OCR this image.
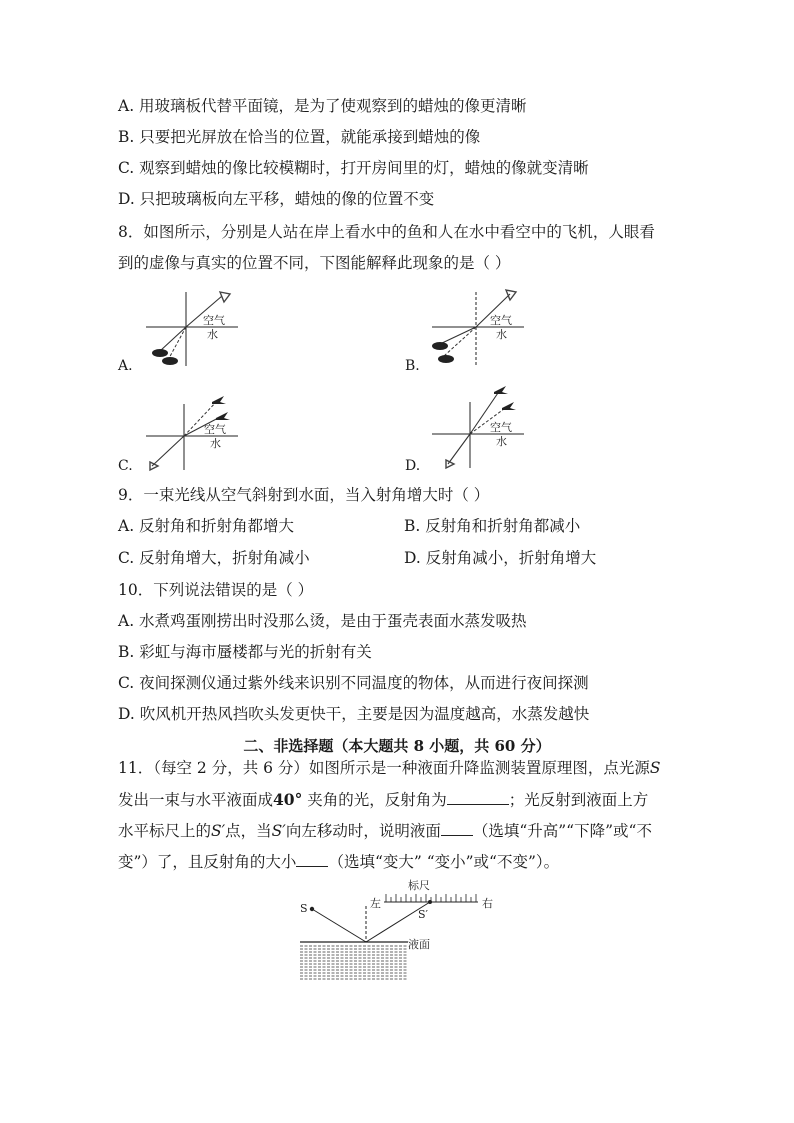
A. 用玻璃板代替平面镜，是为了使观察到的蜡烛的像更清晰
B. 只要把光屏放在恰当的位置，就能承接到蜡烛的像
C. 观察到蜡烛的像比较模糊时，打开房间里的灯，蜡烛的像就变清晰
D. 只把玻璃板向左平移，蜡烛的像的位置不变
8．如图所示，分别是人站在岸上看水中的鱼和人在水中看空中的飞机，人眼看
到的虚像与真实的位置不同，下图能解释此现象的是（ ）
A.
空气
水
B.
空气
水
C.
空气
水
D.
空气
水
9．一束光线从空气斜射到水面，当入射角增大时（ ）
A. 反射角和折射角都增大	B. 反射角和折射角都减小
C. 反射角增大，折射角减小	D. 反射角减小，折射角增大
10．下列说法错误的是（ ）
A. 水煮鸡蛋刚捞出时没那么烫，是由于蛋壳表面水蒸发吸热
B. 彩虹与海市蜃楼都与光的折射有关
C. 夜间探测仪通过紫外线来识别不同温度的物体，从而进行夜间探测
D. 吹风机开热风挡吹头发更快干，主要是因为温度越高，水蒸发越快
二、非选择题（本大题共 8 小题，共 60 分）
11．（每空 2 分，共 6 分）如图所示是一种液面升降监测装置原理图，点光源S
发出一束与水平液面成40° 夹角的光，反射角为	；光反射到液面上方
水平标尺上的S′点，当S′向左移动时，说明液面 （选填“升高”“下降”或“不
变”）了，且反射角的大小 （选填“变大” “变小”或“不变”）。
标尺
左	右
S	S′
液面
